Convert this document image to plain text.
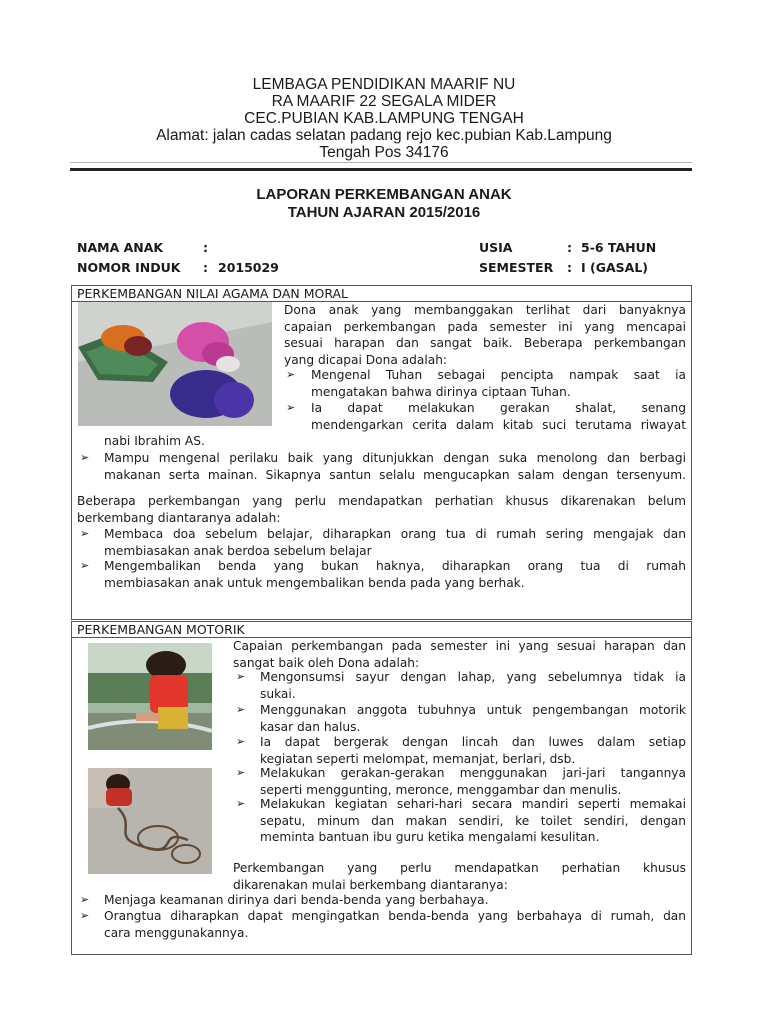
LEMBAGA PENDIDIKAN MAARIF NU
RA MAARIF 22 SEGALA MIDER
CEC.PUBIAN KAB.LAMPUNG TENGAH
Alamat: jalan cadas selatan padang rejo kec.pubian Kab.Lampung Tengah Pos 34176
LAPORAN PERKEMBANGAN ANAK
TAHUN AJARAN 2015/2016
NAMA ANAK	:
NOMOR INDUK : 2015029
USIA	: 5-6 TAHUN
SEMESTER : I (GASAL)
PERKEMBANGAN NILAI AGAMA DAN MORAL
Dona anak yang membanggakan terlihat dari banyaknya
capaian perkembangan pada semester ini yang mencapai
sesuai harapan dan sangat baik. Beberapa perkembangan
yang dicapai Dona adalah:
➢ Mengenal Tuhan sebagai pencipta nampak saat ia
mengatakan bahwa dirinya ciptaan Tuhan.
➢ Ia dapat melakukan gerakan shalat, senang
mendengarkan cerita dalam kitab suci terutama riwayat
nabi Ibrahim AS.
➢ Mampu mengenal perilaku baik yang ditunjukkan dengan suka menolong dan berbagi
makanan serta mainan. Sikapnya santun selalu mengucapkan salam dengan tersenyum.
Beberapa perkembangan yang perlu mendapatkan perhatian khusus dikarenakan belum
berkembang diantaranya adalah:
➢ Membaca doa sebelum belajar, diharapkan orang tua di rumah sering mengajak dan
membiasakan anak berdoa sebelum belajar
➢ Mengembalikan benda yang bukan haknya, diharapkan orang tua di rumah
membiasakan anak untuk mengembalikan benda pada yang berhak.
PERKEMBANGAN MOTORIK
Capaian perkembangan pada semester ini yang sesuai harapan dan
sangat baik oleh Dona adalah:
➢ Mengonsumsi sayur dengan lahap, yang sebelumnya tidak ia
sukai.
➢ Menggunakan anggota tubuhnya untuk pengembangan motorik
kasar dan halus.
➢ Ia dapat bergerak dengan lincah dan luwes dalam setiap
kegiatan seperti melompat, memanjat, berlari, dsb.
➢ Melakukan gerakan-gerakan menggunakan jari-jari tangannya
seperti menggunting, meronce, menggambar dan menulis.
➢ Melakukan kegiatan sehari-hari secara mandiri seperti memakai
sepatu, minum dan makan sendiri, ke toilet sendiri, dengan
meminta bantuan ibu guru ketika mengalami kesulitan.
Perkembangan yang perlu mendapatkan perhatian khusus
dikarenakan mulai berkembang diantaranya:
➢ Menjaga keamanan dirinya dari benda-benda yang berbahaya.
➢ Orangtua diharapkan dapat mengingatkan benda-benda yang berbahaya di rumah, dan
cara menggunakannya.
